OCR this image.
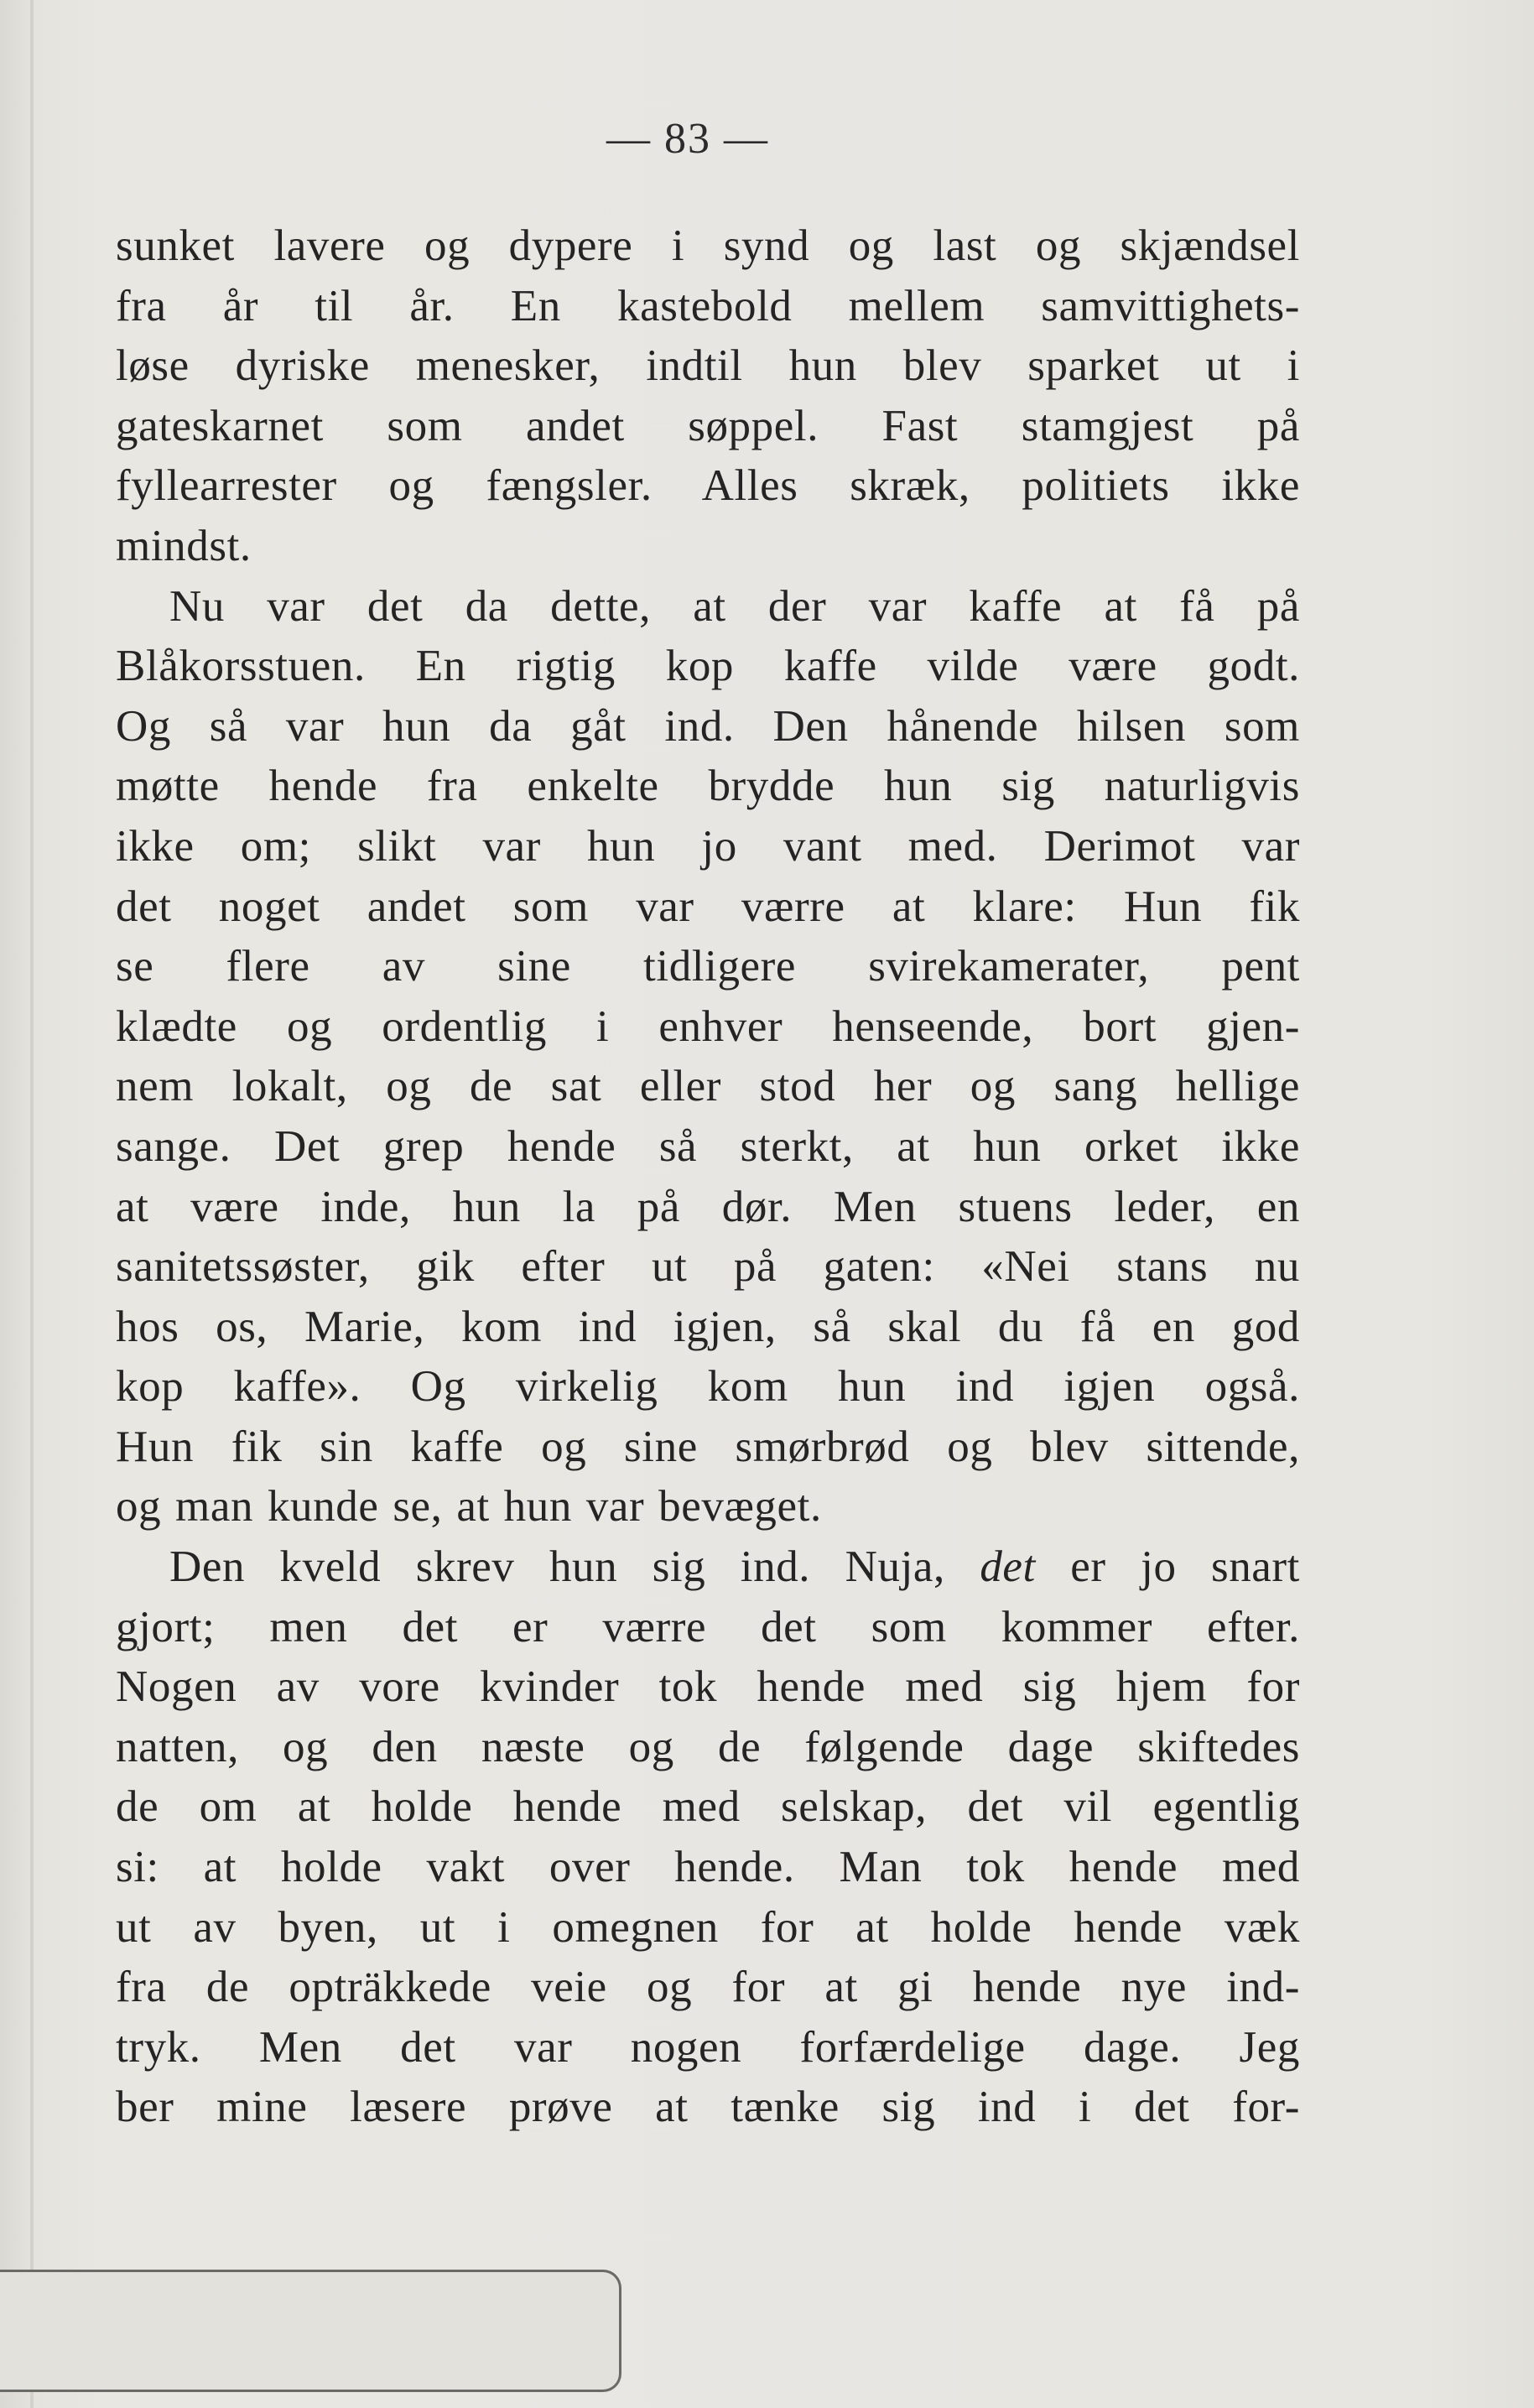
— 83 —
sunket lavere og dypere i synd og last og skjændsel
fra år til år. En kastebold mellem samvittighets-
løse dyriske menesker, indtil hun blev sparket ut i
gateskarnet som andet søppel. Fast stamgjest på
fyllearrester og fængsler. Alles skræk, politiets ikke
mindst.
Nu var det da dette, at der var kaffe at få på
Blåkorsstuen. En rigtig kop kaffe vilde være godt.
Og så var hun da gåt ind. Den hånende hilsen som
møtte hende fra enkelte brydde hun sig naturligvis
ikke om; slikt var hun jo vant med. Derimot var
det noget andet som var værre at klare: Hun fik
se flere av sine tidligere svirekamerater, pent
klædte og ordentlig i enhver henseende, bort gjen-
nem lokalt, og de sat eller stod her og sang hellige
sange. Det grep hende så sterkt, at hun orket ikke
at være inde, hun la på dør. Men stuens leder, en
sanitetssøster, gik efter ut på gaten: «Nei stans nu
hos os, Marie, kom ind igjen, så skal du få en god
kop kaffe». Og virkelig kom hun ind igjen også.
Hun fik sin kaffe og sine smørbrød og blev sittende,
og man kunde se, at hun var bevæget.
Den kveld skrev hun sig ind. Nuja, det er jo snart
gjort; men det er værre det som kommer efter.
Nogen av vore kvinder tok hende med sig hjem for
natten, og den næste og de følgende dage skiftedes
de om at holde hende med selskap, det vil egentlig
si: at holde vakt over hende. Man tok hende med
ut av byen, ut i omegnen for at holde hende væk
fra de opträkkede veie og for at gi hende nye ind-
tryk. Men det var nogen forfærdelige dage. Jeg
ber mine læsere prøve at tænke sig ind i det for-
